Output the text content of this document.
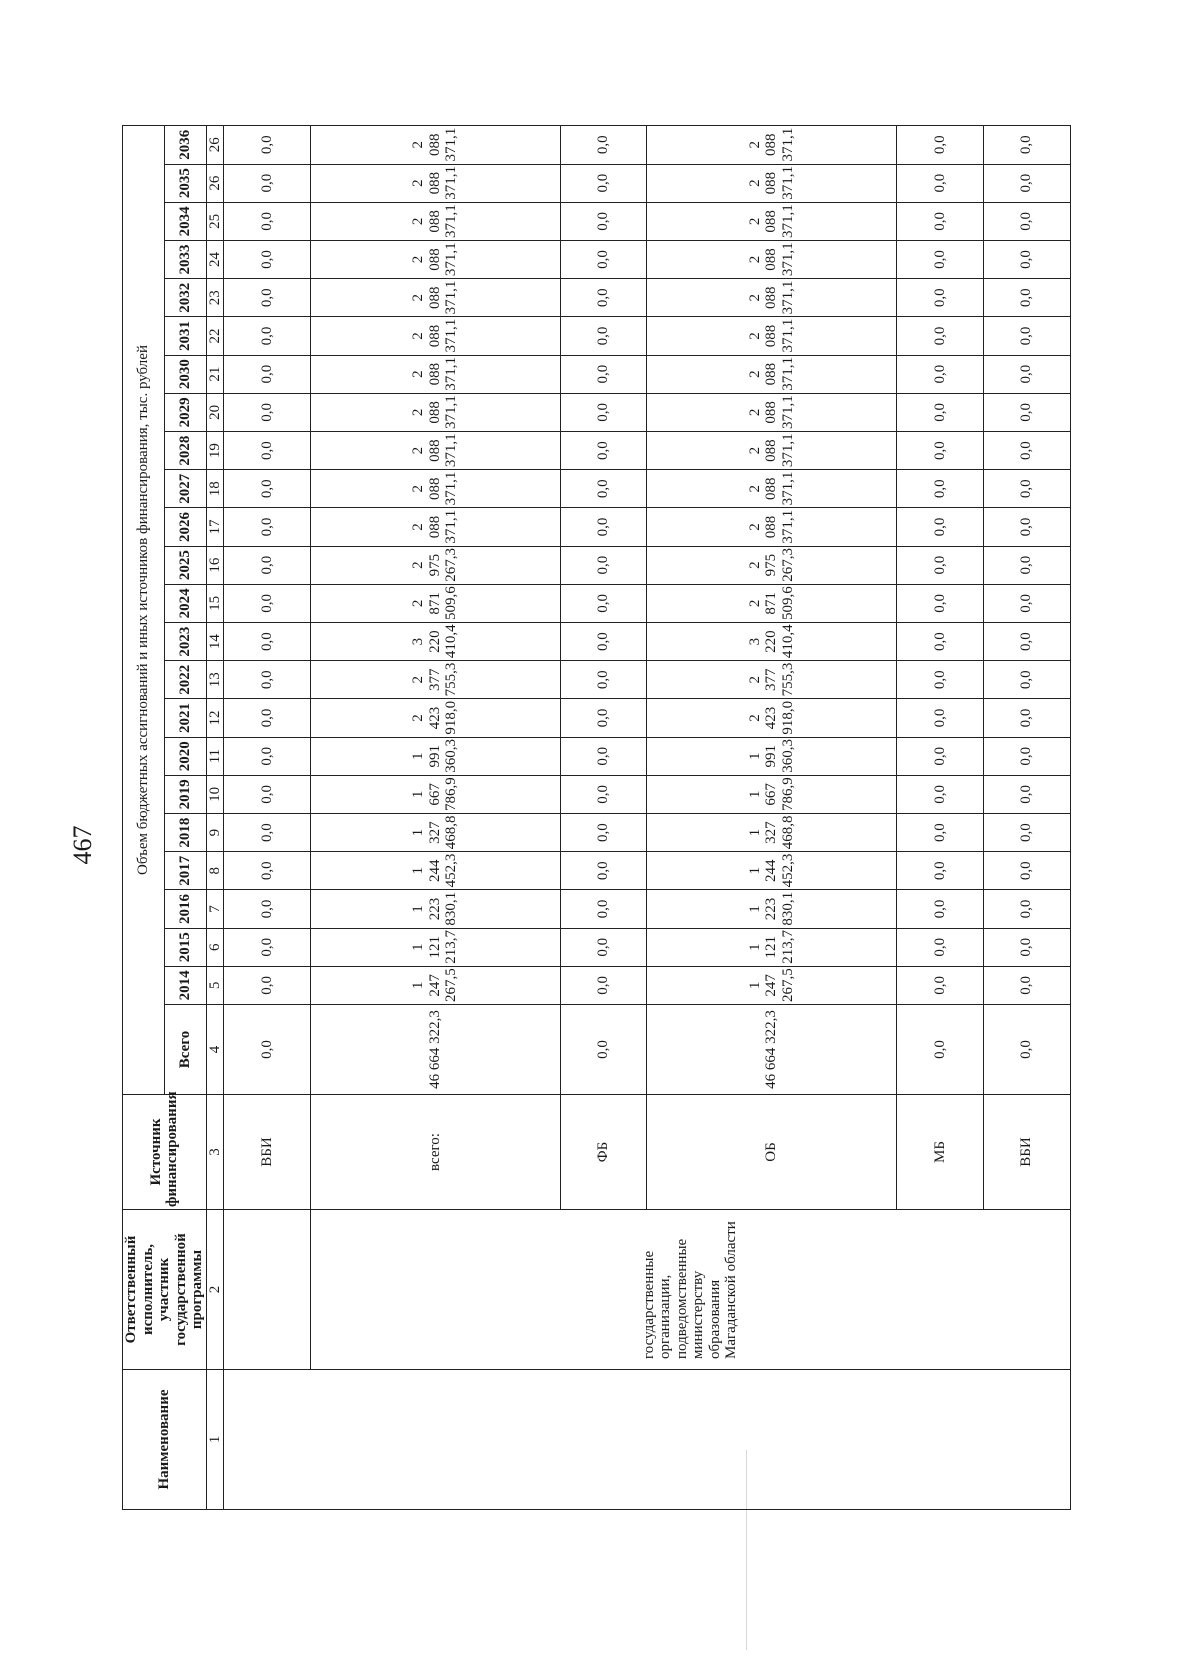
467
Наименование	Ответственный исполнитель, участник государственной программы	Источник финансирования	Объем бюджетных ассигнований и иных источников финансирования, тыс. рублей																							
			Всего	2014	2015	2016	2017	2018	2019	2020	2021	2022	2023	2024	2025	2026	2027	2028	2029	2030	2031	2032	2033	2034	2035	2036
1	2	3	4	5	6	7	8	9	10	11	12	13	14	15	16	17	18	19	20	21	22	23	24	25	26	26
		ВБИ	0,0	0,0	0,0	0,0	0,0	0,0	0,0	0,0	0,0	0,0	0,0	0,0	0,0	0,0	0,0	0,0	0,0	0,0	0,0	0,0	0,0	0,0	0,0	0,0
	государственные организации, подведомственные министерству образования Магаданской области	всего:	46 664 322,3	1 247 267,5	1 121 213,7	1 223 830,1	1 244 452,3	1 327 468,8	1 667 786,9	1 991 360,3	2 423 918,0	2 377 755,3	3 220 410,4	2 871 509,6	2 975 267,3	2 088 371,1	2 088 371,1	2 088 371,1	2 088 371,1	2 088 371,1	2 088 371,1	2 088 371,1	2 088 371,1	2 088 371,1	2 088 371,1	2 088 371,1
		ФБ	0,0	0,0	0,0	0,0	0,0	0,0	0,0	0,0	0,0	0,0	0,0	0,0	0,0	0,0	0,0	0,0	0,0	0,0	0,0	0,0	0,0	0,0	0,0	0,0
		ОБ	46 664 322,3	1 247 267,5	1 121 213,7	1 223 830,1	1 244 452,3	1 327 468,8	1 667 786,9	1 991 360,3	2 423 918,0	2 377 755,3	3 220 410,4	2 871 509,6	2 975 267,3	2 088 371,1	2 088 371,1	2 088 371,1	2 088 371,1	2 088 371,1	2 088 371,1	2 088 371,1	2 088 371,1	2 088 371,1	2 088 371,1	2 088 371,1
		МБ	0,0	0,0	0,0	0,0	0,0	0,0	0,0	0,0	0,0	0,0	0,0	0,0	0,0	0,0	0,0	0,0	0,0	0,0	0,0	0,0	0,0	0,0	0,0	0,0
		ВБИ	0,0	0,0	0,0	0,0	0,0	0,0	0,0	0,0	0,0	0,0	0,0	0,0	0,0	0,0	0,0	0,0	0,0	0,0	0,0	0,0	0,0	0,0	0,0	0,0
